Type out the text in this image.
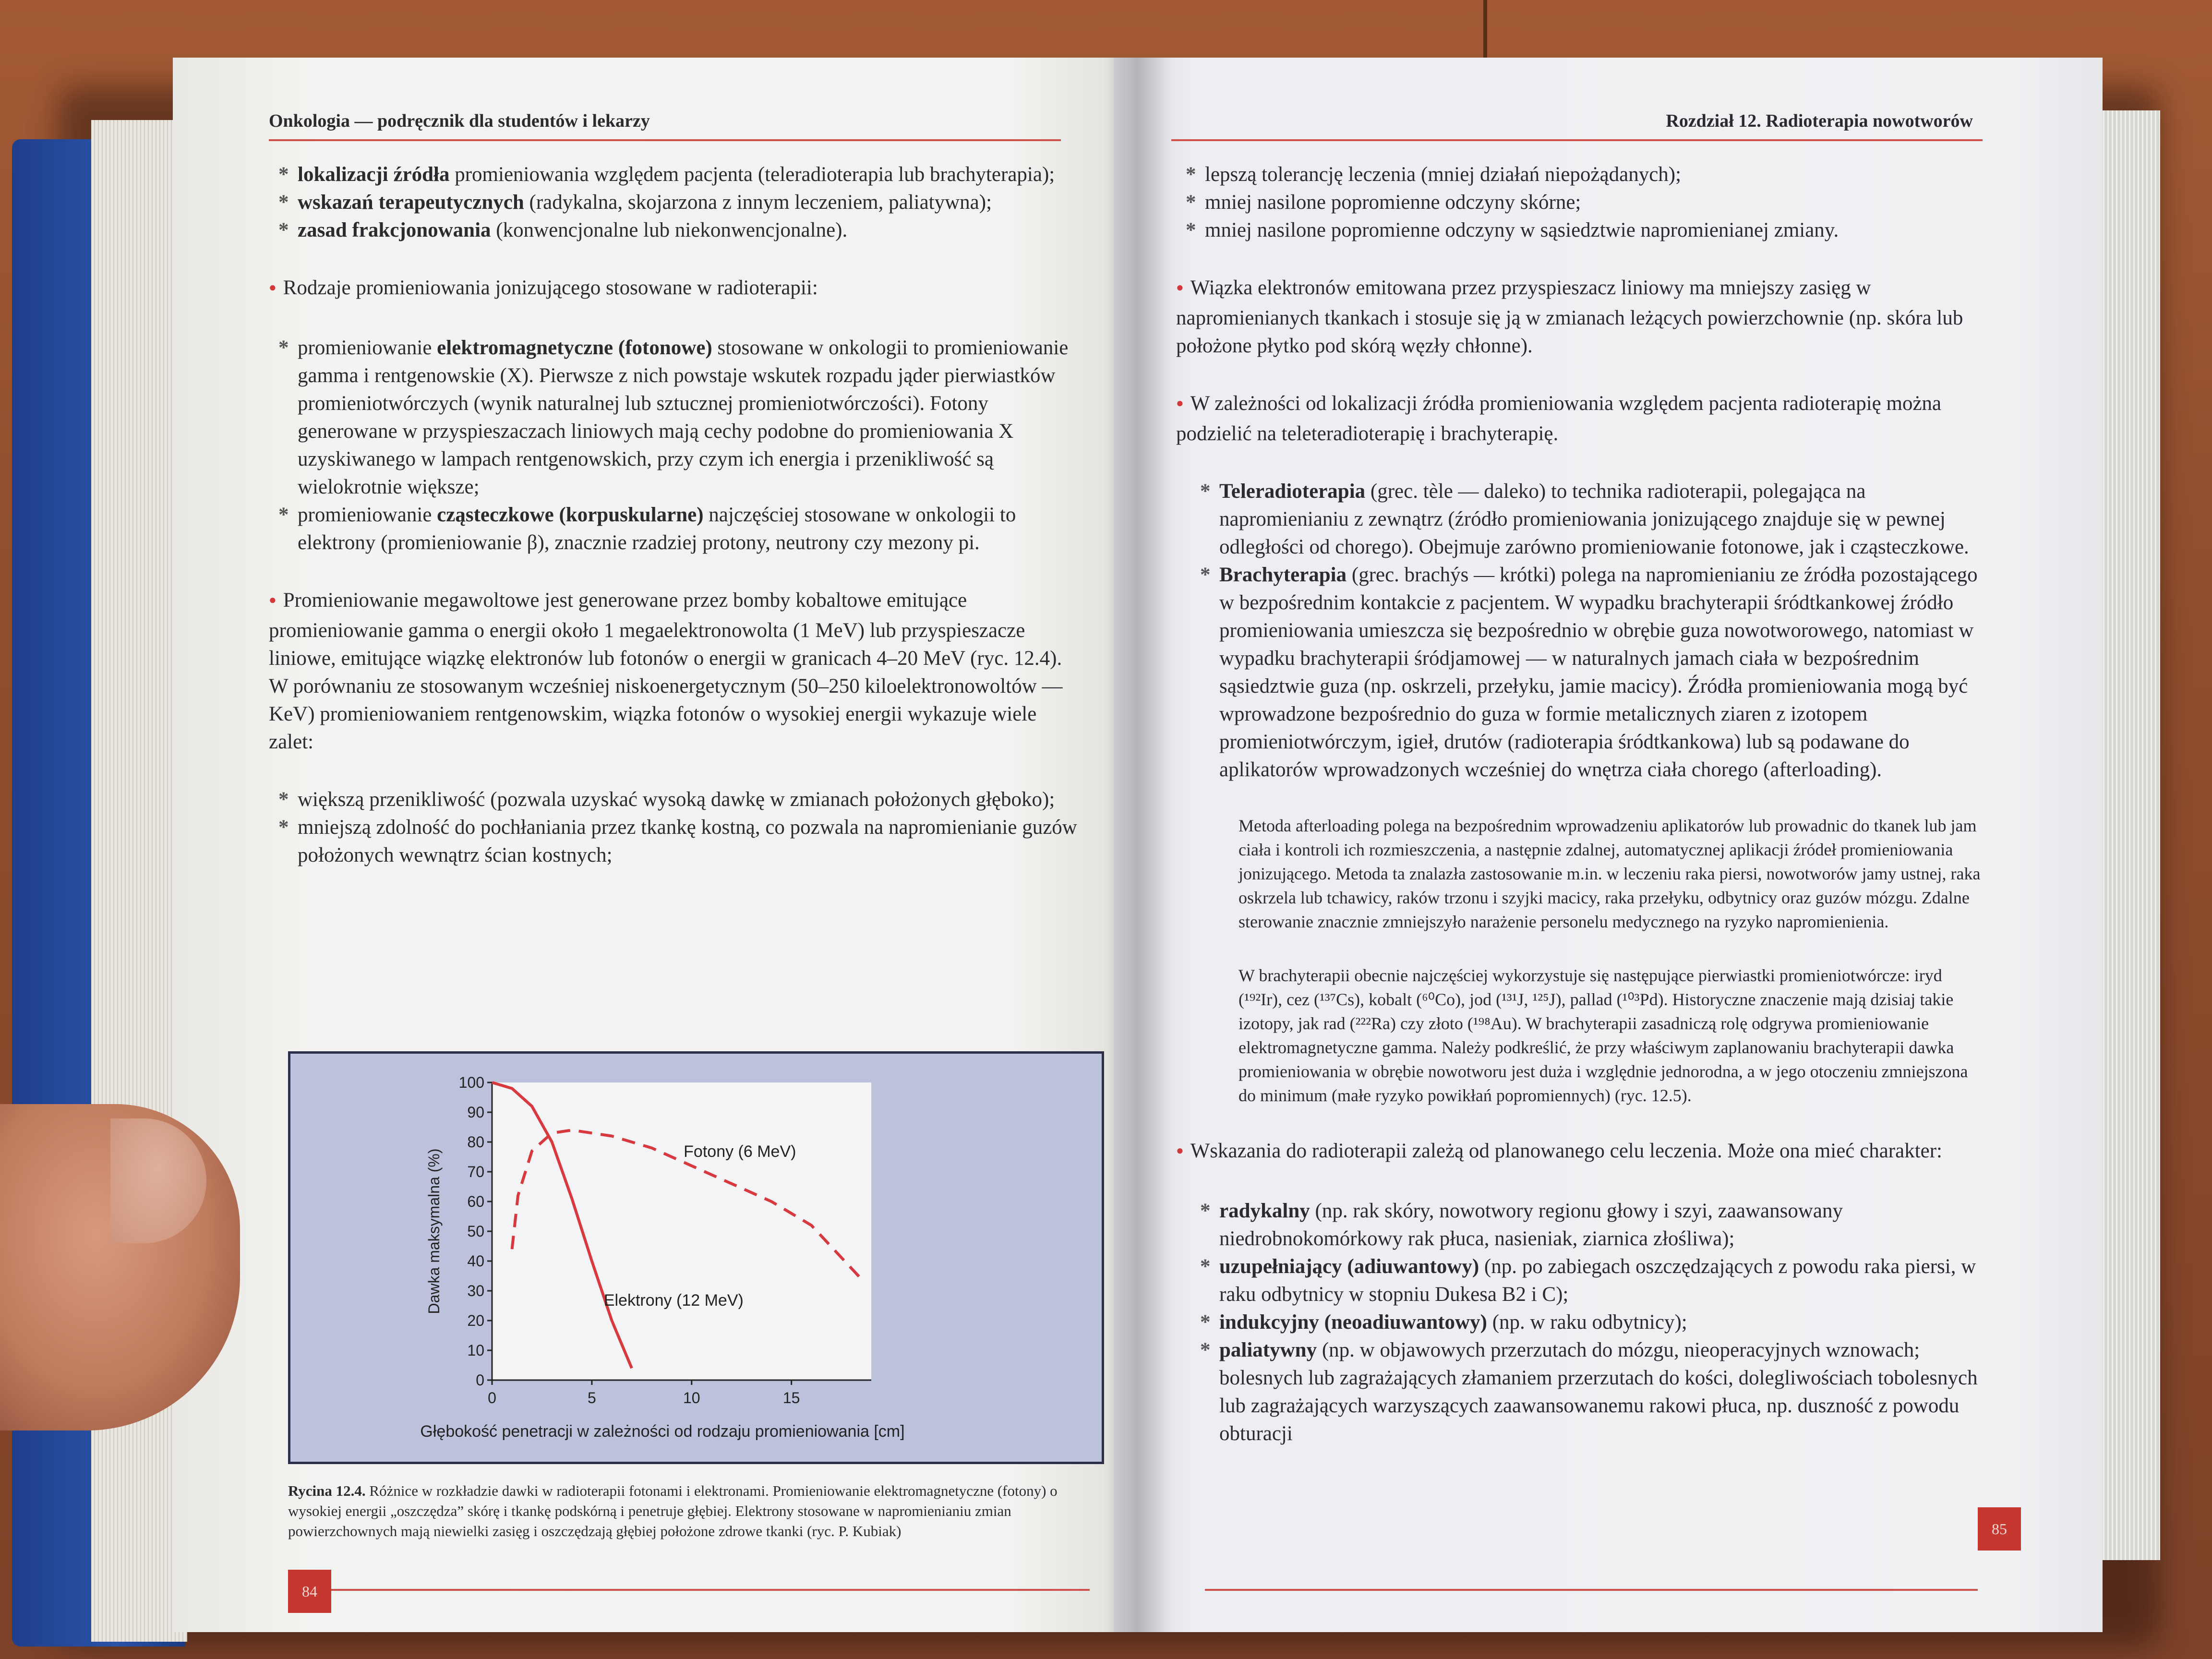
Onkologia — podręcznik dla studentów i lekarzy
* lokalizacji źródła promieniowania względem pacjenta (teleradioterapia lub brachyterapia);
* wskazań terapeutycznych (radykalna, skojarzona z innym leczeniem, paliatywna);
* zasad frakcjonowania (konwencjonalne lub niekonwencjonalne).

● Rodzaje promieniowania jonizującego stosowane w radioterapii:

* promieniowanie elektromagnetyczne (fotonowe) stosowane w onkologii to promieniowanie gamma i rentgenowskie (X). Pierwsze z nich powstaje wskutek rozpadu jąder pierwiastków promieniotwórczych (wynik naturalnej lub sztucznej promieniotwórczości). Fotony generowane w przyspieszaczach liniowych mają cechy podobne do promieniowania X uzyskiwanego w lampach rentgenowskich, przy czym ich energia i przenikliwość są wielokrotnie większe;
* promieniowanie cząsteczkowe (korpuskularne) najczęściej stosowane w onkologii to elektrony (promieniowanie β), znacznie rzadziej protony, neutrony czy mezony pi.

● Promieniowanie megawoltowe jest generowane przez bomby kobaltowe emitujące promieniowanie gamma o energii około 1 megaelektronowolta (1 MeV) lub przyspieszacze liniowe, emitujące wiązkę elektronów lub fotonów o energii w granicach 4–20 MeV (ryc. 12.4). W porównaniu ze stosowanym wcześniej niskoenergetycznym (50–250 kiloelektronowoltów — KeV) promieniowaniem rentgenowskim, wiązka fotonów o wysokiej energii wykazuje wiele zalet:

* większą przenikliwość (pozwala uzyskać wysoką dawkę w zmianach położonych głęboko);
* mniejszą zdolność do pochłaniania przez tkankę kostną, co pozwala na napromienianie guzów położonych wewnątrz ścian kostnych;
0
10
20
30
40
50
60
70
80
90
100
0	5	10	15
Głębokość penetracji w zależności od rodzaju promieniowania [cm]
Dawka maksymalna (%)	Fotony (6 MeV)
Elektrony (12 MeV)
Rycina 12.4. Różnice w rozkładzie dawki w radioterapii fotonami i elektronami. Promieniowanie elektromagnetyczne (fotony) o wysokiej energii „oszczędza” skórę i tkankę podskórną i penetruje głębiej. Elektrony stosowane w napromienianiu zmian powierzchownych mają niewielki zasięg i oszczędzają głębiej położone zdrowe tkanki (ryc. P. Kubiak)
84
Rozdział 12. Radioterapia nowotworów
* lepszą tolerancję leczenia (mniej działań niepożądanych);
* mniej nasilone popromienne odczyny skórne;
* mniej nasilone popromienne odczyny w sąsiedztwie napromienianej zmiany.

● Wiązka elektronów emitowana przez przyspieszacz liniowy ma mniejszy zasięg w napromienianych tkankach i stosuje się ją w zmianach leżących powierzchownie (np. skóra lub położone płytko pod skórą węzły chłonne).

● W zależności od lokalizacji źródła promieniowania względem pacjenta radioterapię można podzielić na teleteradioterapię i brachyterapię.

* Teleradioterapia (grec. tèle — daleko) to technika radioterapii, polegająca na napromienianiu z zewnątrz (źródło promieniowania jonizującego znajduje się w pewnej odległości od chorego). Obejmuje zarówno promieniowanie fotonowe, jak i cząsteczkowe.
* Brachyterapia (grec. brachýs — krótki) polega na napromienianiu ze źródła pozostającego w bezpośrednim kontakcie z pacjentem. W wypadku brachyterapii śródtkankowej źródło promieniowania umieszcza się bezpośrednio w obrębie guza nowotworowego, natomiast w wypadku brachyterapii śródjamowej — w naturalnych jamach ciała w bezpośrednim sąsiedztwie guza (np. oskrzeli, przełyku, jamie macicy). Źródła promieniowania mogą być wprowadzone bezpośrednio do guza w formie metalicznych ziaren z izotopem promieniotwórczym, igieł, drutów (radioterapia śródtkankowa) lub są podawane do aplikatorów wprowadzonych wcześniej do wnętrza ciała chorego (afterloading).

Metoda afterloading polega na bezpośrednim wprowadzeniu aplikatorów lub prowadnic do tkanek lub jam ciała i kontroli ich rozmieszczenia, a następnie zdalnej, automatycznej aplikacji źródeł promieniowania jonizującego. Metoda ta znalazła zastosowanie m.in. w leczeniu raka piersi, nowotworów jamy ustnej, raka oskrzela lub tchawicy, raków trzonu i szyjki macicy, raka przełyku, odbytnicy oraz guzów mózgu. Zdalne sterowanie znacznie zmniejszyło narażenie personelu medycznego na ryzyko napromienienia.

W brachyterapii obecnie najczęściej wykorzystuje się następujące pierwiastki promieniotwórcze: iryd (¹⁹²Ir), cez (¹³⁷Cs), kobalt (⁶⁰Co), jod (¹³¹J, ¹²⁵J), pallad (¹⁰³Pd). Historyczne znaczenie mają dzisiaj takie izotopy, jak rad (²²²Ra) czy złoto (¹⁹⁸Au). W brachyterapii zasadniczą rolę odgrywa promieniowanie elektromagnetyczne gamma. Należy podkreślić, że przy właściwym zaplanowaniu brachyterapii dawka promieniowania w obrębie nowotworu jest duża i względnie jednorodna, a w jego otoczeniu zmniejszona do minimum (małe ryzyko powikłań popromiennych) (ryc. 12.5).

● Wskazania do radioterapii zależą od planowanego celu leczenia. Może ona mieć charakter:

* radykalny (np. rak skóry, nowotwory regionu głowy i szyi, zaawansowany niedrobnokomórkowy rak płuca, nasieniak, ziarnica złośliwa);
* uzupełniający (adiuwantowy) (np. po zabiegach oszczędzających z powodu raka piersi, w raku odbytnicy w stopniu Dukesa B2 i C);
* indukcyjny (neoadiuwantowy) (np. w raku odbytnicy);
* paliatywny (np. w objawowych przerzutach do mózgu, nieoperacyjnych wznowach; bolesnych lub zagrażających złamaniem przerzutach do kości, dolegliwościach tobolesnych lub zagrażających warzyszących zaawansowanemu rakowi płuca, np. duszność z powodu obturacji
85
